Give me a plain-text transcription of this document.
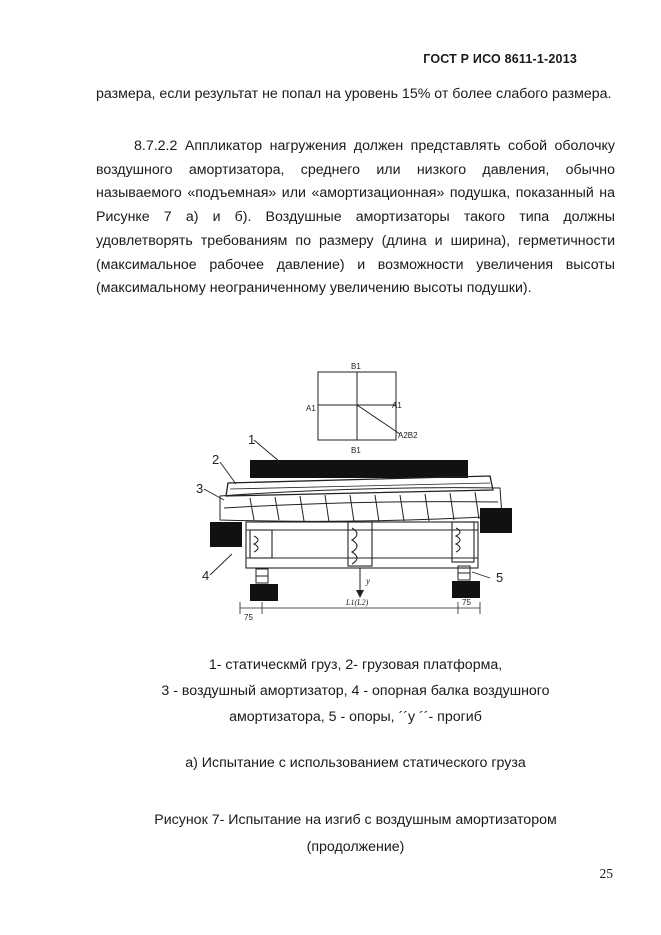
ГОСТ Р ИСО 8611-1-2013
размера, если результат не попал на уровень 15% от более слабого размера.
8.7.2.2 Аппликатор нагружения должен представлять собой оболочку воздушного амортизатора, среднего или низкого давления, обычно называемого «подъемная» или «амортизационная» подушка, показанный на Рисунке 7 а) и б). Воздушные амортизаторы такого типа должны удовлетворять требованиям по размеру (длина и ширина), герметичности (максимальное рабочее давление) и возможности увеличения высоты (максимальному неограниченному увеличению высоты подушки).
B1
A1	A1
A2B2
B1
y
75
L1(L2)	75
1
2
3
4	5
1- статическмй груз, 2- грузовая платформа,
3 - воздушный амортизатор, 4 - опорная балка воздушного
амортизатора, 5 - опоры, ´´у ´´- прогиб
а) Испытание с использованием статического груза
Рисунок 7- Испытание на изгиб с воздушным амортизатором
(продолжение)
25
